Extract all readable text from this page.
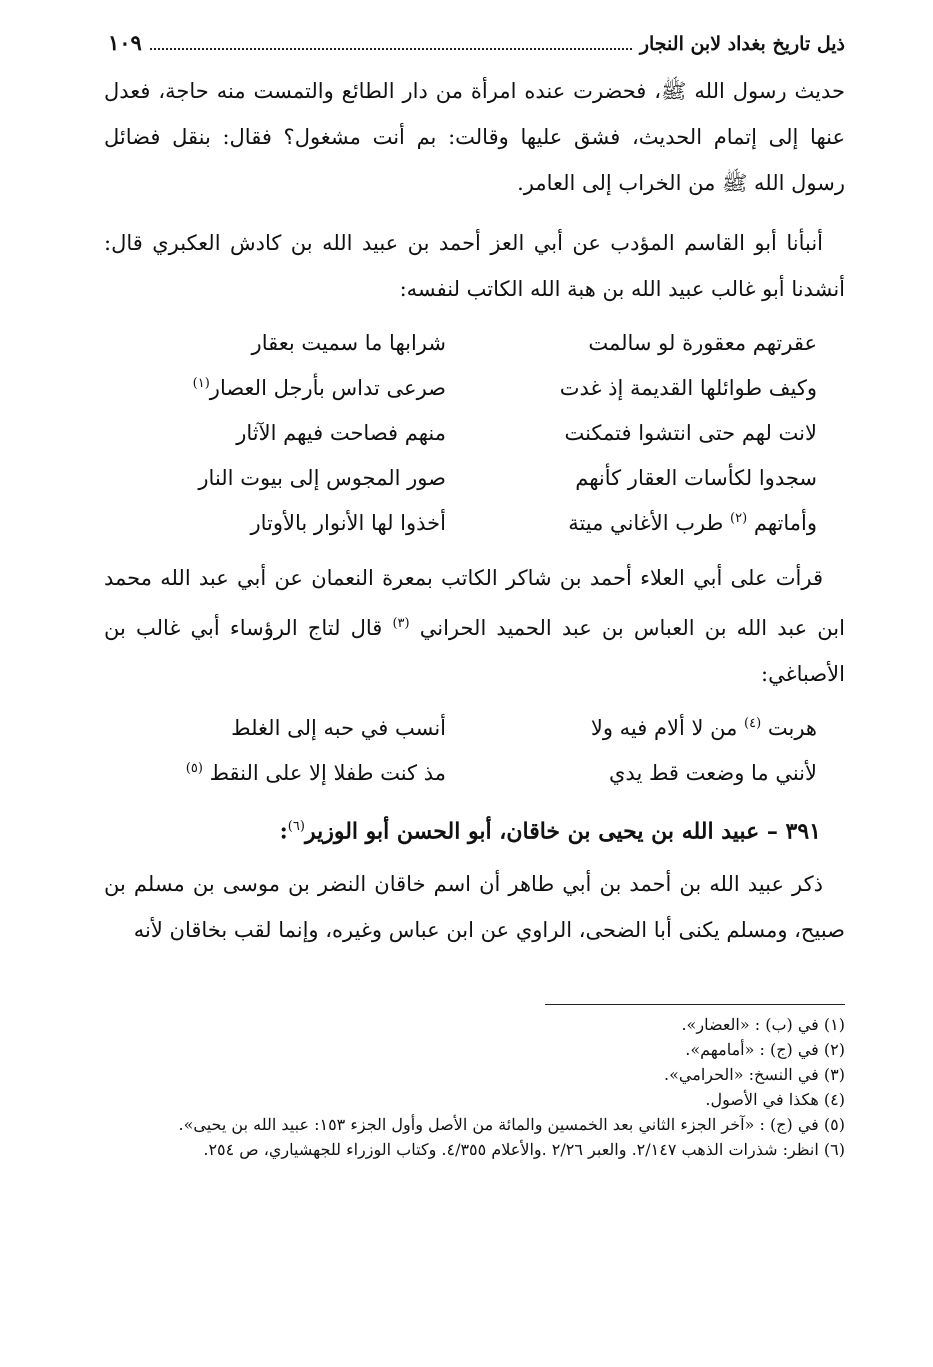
ذيل تاريخ بغداد لابن النجار
١٠٩

حديث رسول الله ﷺ، فحضرت عنده امرأة من دار الطائع والتمست منه حاجة، فعدل عنها إلى إتمام الحديث، فشق عليها وقالت: بم أنت مشغول؟ فقال: بنقل فضائل رسول الله ﷺ من الخراب إلى العامر.

أنبأنا أبو القاسم المؤدب عن أبي العز أحمد بن عبيد الله بن كادش العكبري قال: أنشدنا أبو غالب عبيد الله بن هبة الله الكاتب لنفسه:

عقرتهم معقورة لو سالمت
شرابها ما سميت بعقار
وكيف طوائلها القديمة إذ غدت
صرعى تداس بأرجل العصار$^{(١)}$
لانت لهم حتى انتشوا فتمكنت
منهم فصاحت فيهم الآثار
سجدوا لكأسات العقار كأنهم
صور المجوس إلى بيوت النار
وأماتهم $^{(٢)}$ طرب الأغاني ميتة
أخذوا لها الأنوار بالأوتار

قرأت على أبي العلاء أحمد بن شاكر الكاتب بمعرة النعمان عن أبي عبد الله محمد ابن عبد الله بن العباس بن عبد الحميد الحراني $^{(٣)}$ قال لتاج الرؤساء أبي غالب بن الأصباغي:

هربت $^{(٤)}$ من لا ألام فيه ولا
أنسب في حبه إلى الغلط
لأنني ما وضعت قط يدي
مذ كنت طفلا إلا على النقط $^{(٥)}$
٣٩١ – عبيد الله بن يحيى بن خاقان، أبو الحسن أبو الوزير$^{(٦)}$:

ذكر عبيد الله بن أحمد بن أبي طاهر أن اسم خاقان النضر بن موسى بن مسلم بن صبيح، ومسلم يكنى أبا الضحى، الراوي عن ابن عباس وغيره، وإنما لقب بخاقان لأنه

(١) في (ب) : «العضار».

(٢) في (ج) : «أمامهم».

(٣) في النسخ: «الحرامي».

(٤) هكذا في الأصول.

(٥) في (ج) : «آخر الجزء الثاني بعد الخمسين والمائة من الأصل وأول الجزء ١٥٣: عبيد الله بن يحيى».

(٦) انظر: شذرات الذهب ٢/١٤٧. والعبر ٢/٢٦ .والأعلام ٤/٣٥٥. وكتاب الوزراء للجهشياري، ص ٢٥٤.
